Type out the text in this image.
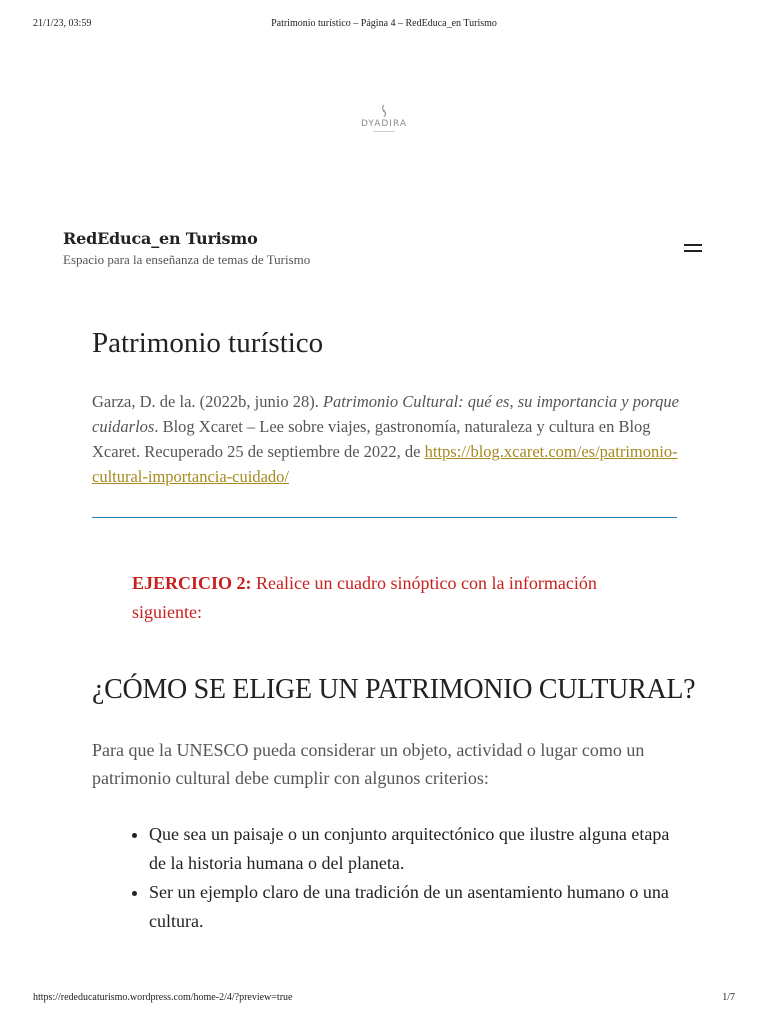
21/1/23, 03:59	Patrimonio turístico – Página 4 – RedEduca_en Turismo
DYADIRA
RedEduca_en Turismo
Espacio para la enseñanza de temas de Turismo
Patrimonio turístico

Garza, D. de la. (2022b, junio 28). Patrimonio Cultural: qué es, su importancia y porque cuidarlos. Blog Xcaret – Lee sobre viajes, gastronomía, naturaleza y cultura en Blog Xcaret. Recuperado 25 de septiembre de 2022, de https://blog.xcaret.com/es/patrimonio-cultural-importancia-cuidado/

EJERCICIO 2: Realice un cuadro sinóptico con la información siguiente:

¿CÓMO SE ELIGE UN PATRIMONIO CULTURAL?

Para que la UNESCO pueda considerar un objeto, actividad o lugar como un patrimonio cultural debe cumplir con algunos criterios:

• Que sea un paisaje o un conjunto arquitectónico que ilustre alguna etapa de la historia humana o del planeta.
• Ser un ejemplo claro de una tradición de un asentamiento humano o una cultura.
https://rededucaturismo.wordpress.com/home-2/4/?preview=true	1/7
